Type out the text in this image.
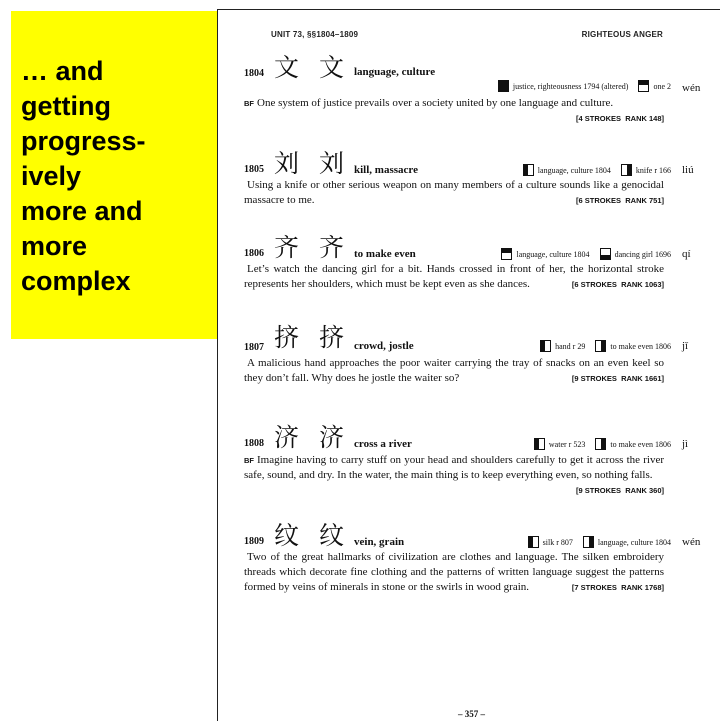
… and
getting
progress-
ively
more and
more
complex
UNIT 73, §§1804–1809	RIGHTEOUS ANGER
1804 文 文 language, culture
justice, righteousness 1794 (altered)	one 2 wén
BF One system of justice prevails over a society united by one language and culture.
[4 STROKES RANK 148]
1805 刘 刘 kill, massacre	language, culture 1804	knife r 166 liú
Using a knife or other serious weapon on many members of a culture sounds like a genocidal massacre to me.	[6 STROKES RANK 751]
1806 齐 齐 to make even	language, culture 1804	dancing girl 1696 qí
Let’s watch the dancing girl for a bit. Hands crossed in front of her, the horizontal stroke represents her shoulders, which must be kept even as she dances.	[6 STROKES RANK 1063]
1807 挤 挤 crowd, jostle	hand r 29	to make even 1806 jǐ
A malicious hand approaches the poor waiter carrying the tray of snacks on an even keel so they don’t fall. Why does he jostle the waiter so?	[9 STROKES RANK 1661]
1808 济 济 cross a river	water r 523	to make even 1806 jì
BF Imagine having to carry stuff on your head and shoulders carefully to get it across the river safe, sound, and dry. In the water, the main thing is to keep everything even, so nothing falls.
[9 STROKES RANK 360]
1809 纹 纹 vein, grain	silk r 807	language, culture 1804 wén
Two of the great hallmarks of civilization are clothes and language. The silken embroidery threads which decorate fine clothing and the patterns of written language suggest the patterns formed by veins of minerals in stone or the swirls in wood grain.	[7 STROKES RANK 1768]
– 357 –
